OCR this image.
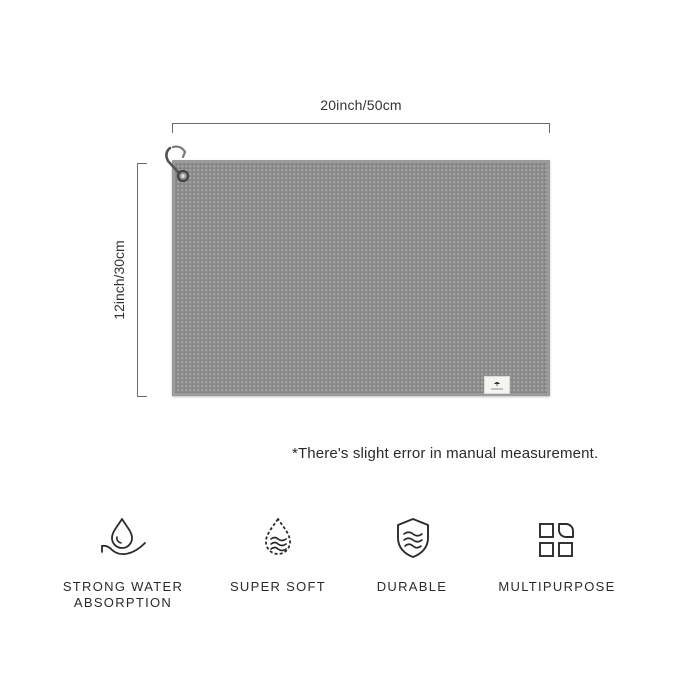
20inch/50cm
12inch/30cm
*There's slight error in manual measurement.
STRONG WATER
ABSORPTION
SUPER SOFT	DURABLE	MULTIPURPOSE
